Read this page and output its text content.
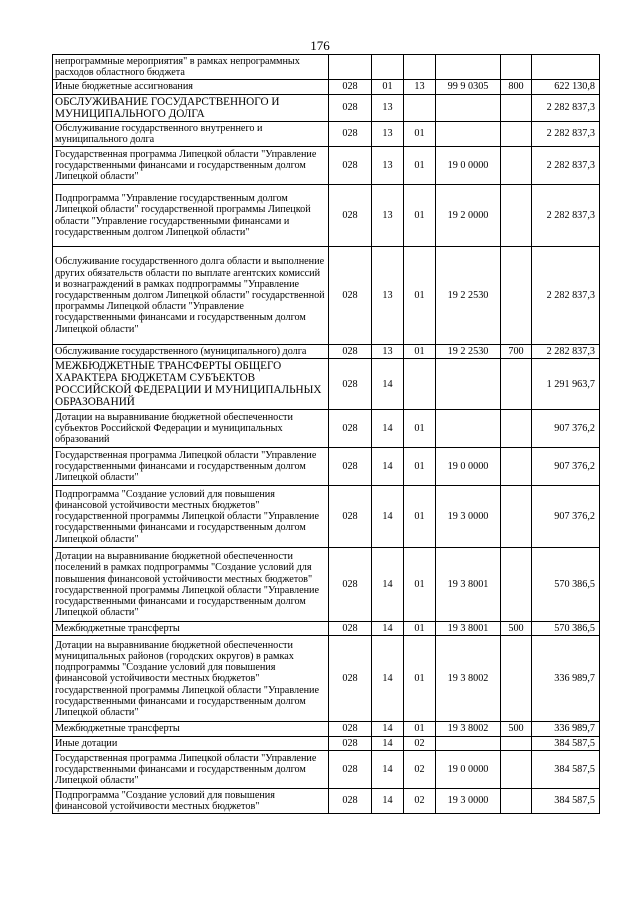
176
непрограммные мероприятия" в рамках непрограммных расходов областного бюджета						
Иные бюджетные ассигнования	028	01	13	99 9 0305	800	622 130,8
ОБСЛУЖИВАНИЕ ГОСУДАРСТВЕННОГО И МУНИЦИПАЛЬНОГО ДОЛГА	028	13				2 282 837,3
Обслуживание государственного внутреннего и муниципального долга	028	13	01			2 282 837,3
Государственная программа Липецкой области "Управление государственными финансами и государственным долгом Липецкой области"	028	13	01	19 0 0000		2 282 837,3
Подпрограмма "Управление государственным долгом Липецкой области" государственной программы Липецкой области "Управление государственными финансами и государственным долгом Липецкой области"	028	13	01	19 2 0000		2 282 837,3
Обслуживание государственного долга области и выполнение других обязательств области по выплате агентских комиссий и вознаграждений в рамках подпрограммы "Управление государственным долгом Липецкой области" государственной программы Липецкой области "Управление государственными финансами и государственным долгом Липецкой области"	028	13	01	19 2 2530		2 282 837,3
Обслуживание государственного (муниципального) долга	028	13	01	19 2 2530	700	2 282 837,3
МЕЖБЮДЖЕТНЫЕ ТРАНСФЕРТЫ ОБЩЕГО ХАРАКТЕРА БЮДЖЕТАМ СУБЪЕКТОВ РОССИЙСКОЙ ФЕДЕРАЦИИ И МУНИЦИПАЛЬНЫХ ОБРАЗОВАНИЙ	028	14				1 291 963,7
Дотации на выравнивание бюджетной обеспеченности субъектов Российской Федерации и муниципальных образований	028	14	01			907 376,2
Государственная программа Липецкой области "Управление государственными финансами и государственным долгом Липецкой области"	028	14	01	19 0 0000		907 376,2
Подпрограмма "Создание условий для повышения финансовой устойчивости местных бюджетов" государственной программы Липецкой области "Управление государственными финансами и государственным долгом Липецкой области"	028	14	01	19 3 0000		907 376,2
Дотации на выравнивание бюджетной обеспеченности поселений в рамках подпрограммы "Создание условий для повышения финансовой устойчивости местных бюджетов" государственной программы Липецкой области "Управление государственными финансами и государственным долгом Липецкой области"	028	14	01	19 3 8001		570 386,5
Межбюджетные трансферты	028	14	01	19 3 8001	500	570 386,5
Дотации на выравнивание бюджетной обеспеченности муниципальных районов (городских округов) в рамках подпрограммы "Создание условий для повышения финансовой устойчивости местных бюджетов" государственной программы Липецкой области "Управление государственными финансами и государственным долгом Липецкой области"	028	14	01	19 3 8002		336 989,7
Межбюджетные трансферты	028	14	01	19 3 8002	500	336 989,7
Иные дотации	028	14	02			384 587,5
Государственная программа Липецкой области "Управление государственными финансами и государственным долгом Липецкой области"	028	14	02	19 0 0000		384 587,5
Подпрограмма "Создание условий для повышения финансовой устойчивости местных бюджетов"	028	14	02	19 3 0000		384 587,5
